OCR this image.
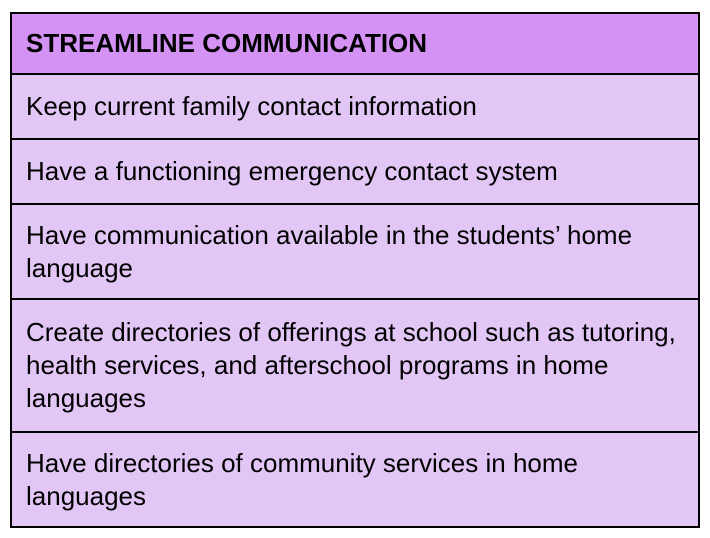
STREAMLINE COMMUNICATION
Keep current family contact information
Have a functioning emergency contact system
Have communication available in the students’ home language
Create directories of offerings at school such as tutoring, health services, and afterschool programs in home languages
Have directories of community services in home languages
